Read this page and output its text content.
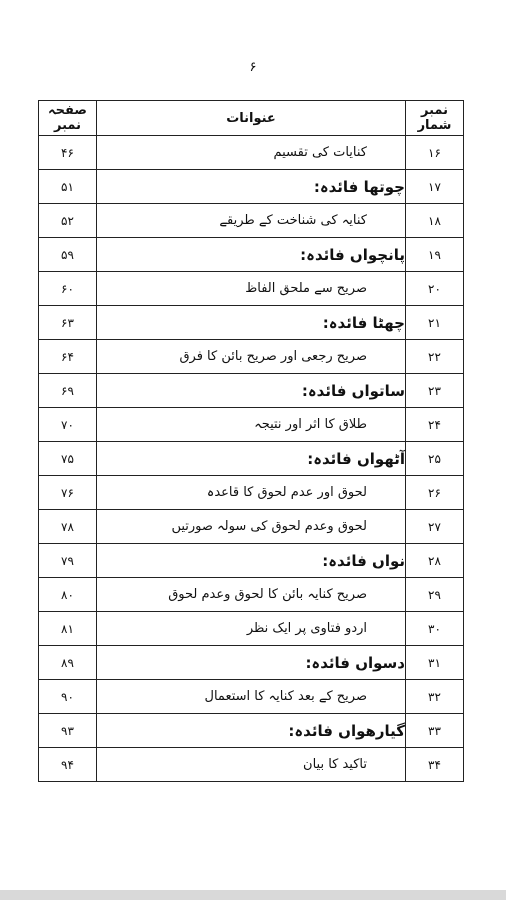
۶
نمبر شمار	عنوانات	صفحہ نمبر
۱۶	کنایات کی تقسیم	۴۶
۱۷	چوتھا فائدہ:	۵۱
۱۸	کنایہ کی شناخت کے طریقے	۵۲
۱۹	پانچواں فائدہ:	۵۹
۲۰	صریح سے ملحق الفاظ	۶۰
۲۱	چھٹا فائدہ:	۶۳
۲۲	صریح رجعی اور صریح بائن کا فرق	۶۴
۲۳	ساتواں فائدہ:	۶۹
۲۴	طلاق کا اثر اور نتیجہ	۷۰
۲۵	آٹھواں فائدہ:	۷۵
۲۶	لحوق اور عدم لحوق کا قاعدہ	۷۶
۲۷	لحوق وعدم لحوق کی سولہ صورتیں	۷۸
۲۸	نواں فائدہ:	۷۹
۲۹	صریح کنایہ بائن کا لحوق وعدم لحوق	۸۰
۳۰	اردو فتاوی پر ایک نظر	۸۱
۳۱	دسواں فائدہ:	۸۹
۳۲	صریح کے بعد کنایہ کا استعمال	۹۰
۳۳	گیارھواں فائدہ:	۹۳
۳۴	تاکید کا بیان	۹۴
